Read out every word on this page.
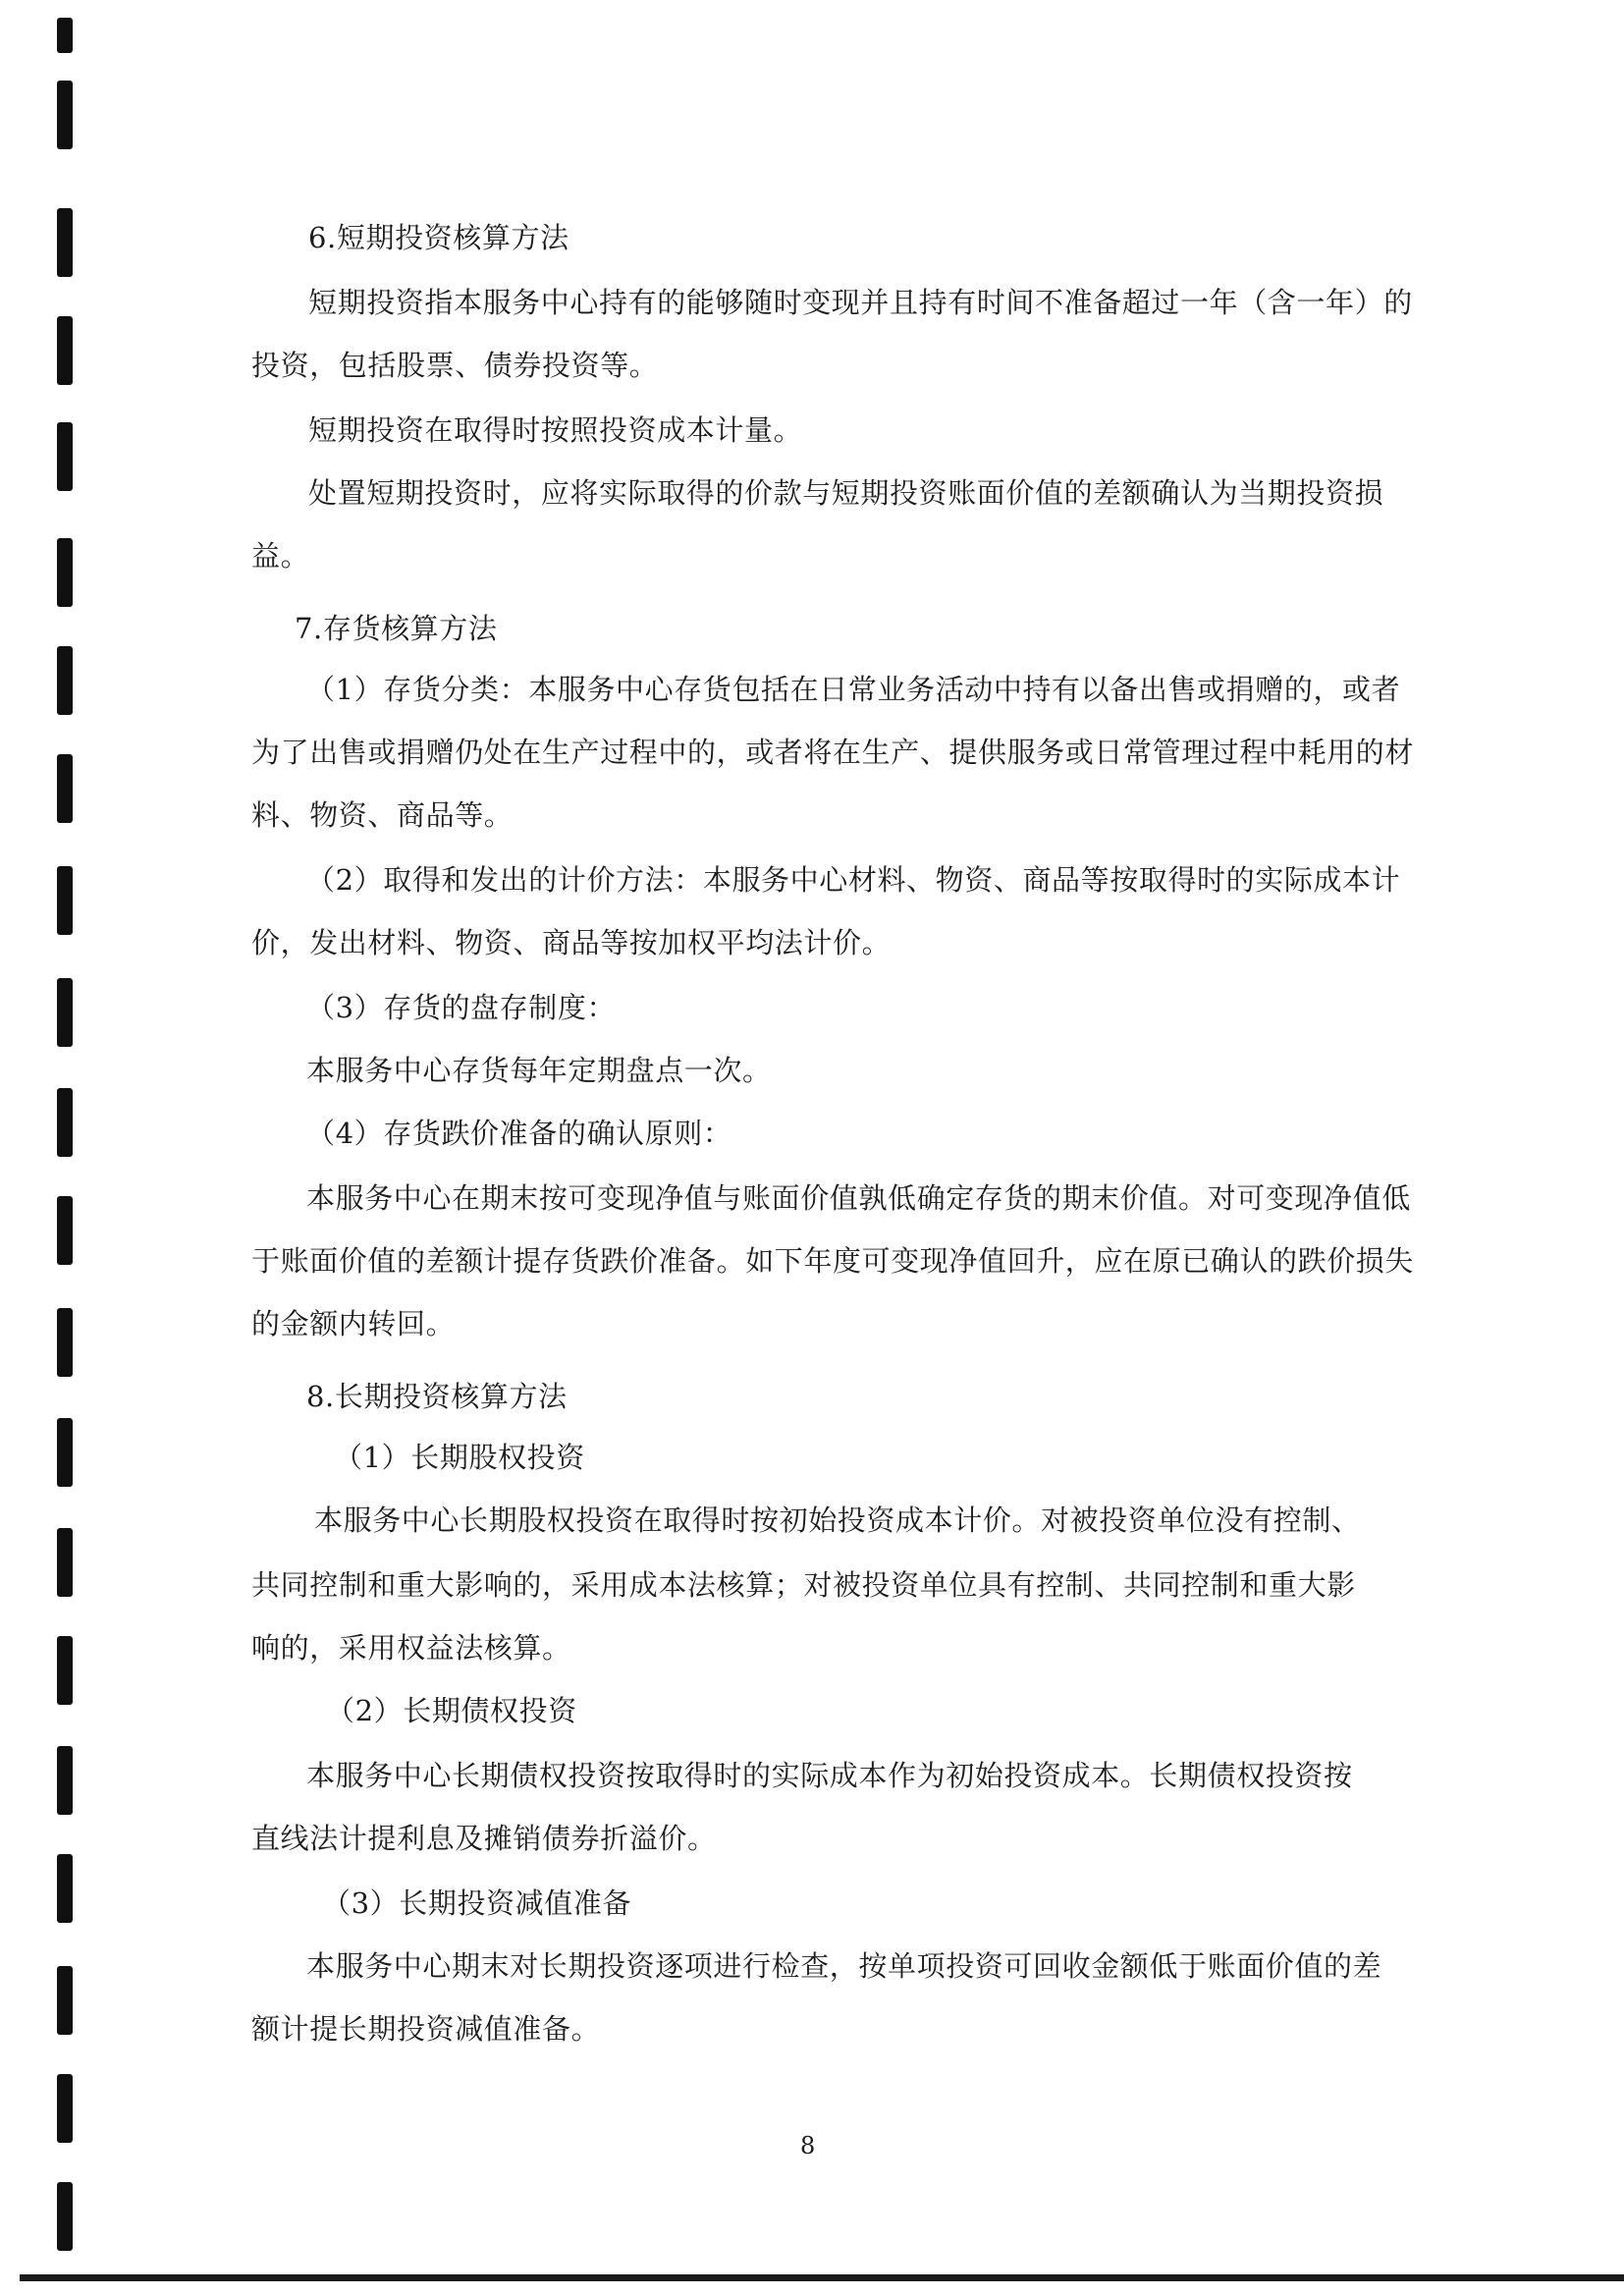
6.短期投资核算方法
短期投资指本服务中心持有的能够随时变现并且持有时间不准备超过一年（含一年）的
投资，包括股票、债券投资等。
短期投资在取得时按照投资成本计量。
处置短期投资时，应将实际取得的价款与短期投资账面价值的差额确认为当期投资损
益。
7.存货核算方法
（1）存货分类：本服务中心存货包括在日常业务活动中持有以备出售或捐赠的，或者
为了出售或捐赠仍处在生产过程中的，或者将在生产、提供服务或日常管理过程中耗用的材
料、物资、商品等。
（2）取得和发出的计价方法：本服务中心材料、物资、商品等按取得时的实际成本计
价，发出材料、物资、商品等按加权平均法计价。
（3）存货的盘存制度：
本服务中心存货每年定期盘点一次。
（4）存货跌价准备的确认原则：
本服务中心在期末按可变现净值与账面价值孰低确定存货的期末价值。对可变现净值低
于账面价值的差额计提存货跌价准备。如下年度可变现净值回升，应在原已确认的跌价损失
的金额内转回。
8.长期投资核算方法
（1）长期股权投资
本服务中心长期股权投资在取得时按初始投资成本计价。对被投资单位没有控制、
共同控制和重大影响的，采用成本法核算；对被投资单位具有控制、共同控制和重大影
响的，采用权益法核算。
（2）长期债权投资
本服务中心长期债权投资按取得时的实际成本作为初始投资成本。长期债权投资按
直线法计提利息及摊销债券折溢价。
（3）长期投资减值准备
本服务中心期末对长期投资逐项进行检查，按单项投资可回收金额低于账面价值的差
额计提长期投资减值准备。
8
